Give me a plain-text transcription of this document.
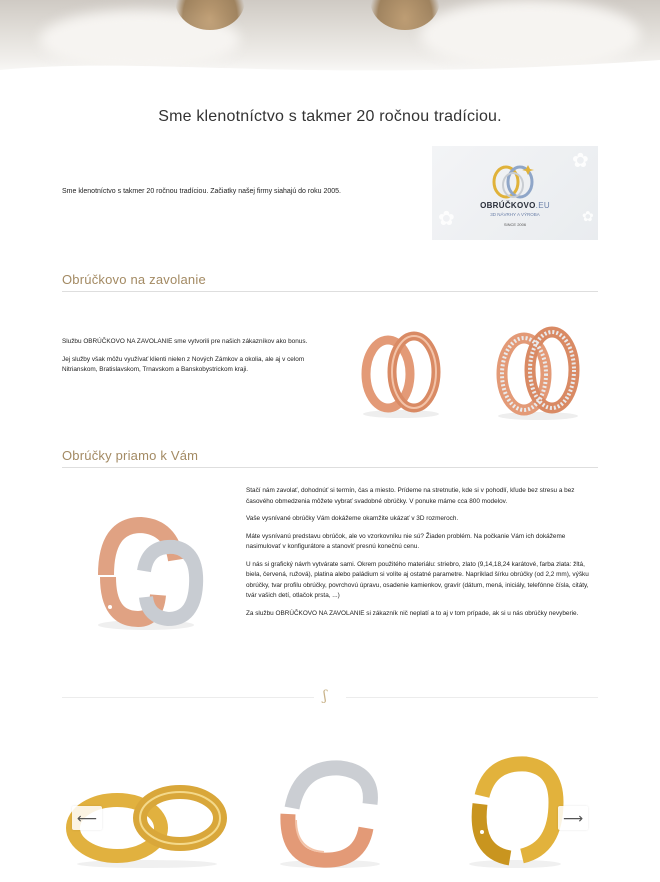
Sme klenotníctvo s takmer 20 ročnou tradíciou.
Sme klenotníctvo s takmer 20 ročnou tradíciou. Začiatky našej firmy siahajú do roku 2005.
✿
✿	✿
OBRÚČKOVO.EU
3D NÁVRHY A VÝROBA
SINCE 2006
Obrúčkovo na zavolanie

Službu OBRÚČKOVO NA ZAVOLANIE sme vytvorili pre našich zákazníkov ako bonus.

Jej služby však môžu využívať klienti nielen z Nových Zámkov a okolia, ale aj v celom Nitrianskom, Bratislavskom, Trnavskom a Banskobystrickom kraji.

Obrúčky priamo k Vám

Stačí nám zavolať, dohodnúť si termín, čas a miesto. Prídeme na stretnutie, kde si v pohodlí, kľude bez stresu a bez časového obmedzenia môžete vybrať svadobné obrúčky. V ponuke máme cca 800 modelov.

Vaše vysnívané obrúčky Vám dokážeme okamžite ukázať v 3D rozmeroch.

Máte vysnívanú predstavu obrúčok, ale vo vzorkovníku nie sú? Žiaden problém. Na počkanie Vám ich dokážeme nasimulovať v konfigurátore a stanoviť presnú konečnú cenu.

U nás si grafický návrh vytvárate sami. Okrem použitého materiálu: striebro, zlato (9,14,18,24 karátové, farba zlata: žltá, biela, červená, ružová), platina alebo paládium si volíte aj ostatné parametre. Napríklad šírku obrúčky (od 2,2 mm), výšku obrúčky, tvar profilu obrúčky, povrchovú úpravu, osadenie kamienkov, gravír (dátum, mená, iniciály, telefónne čísla, citáty, tvár vašich detí, otlačok prsta, ...)

Za službu OBRÚČKOVO NA ZAVOLANIE si zákazník nič neplatí a to aj v tom prípade, ak si u nás obrúčky nevyberie.

ʃ
⟵	⟶
